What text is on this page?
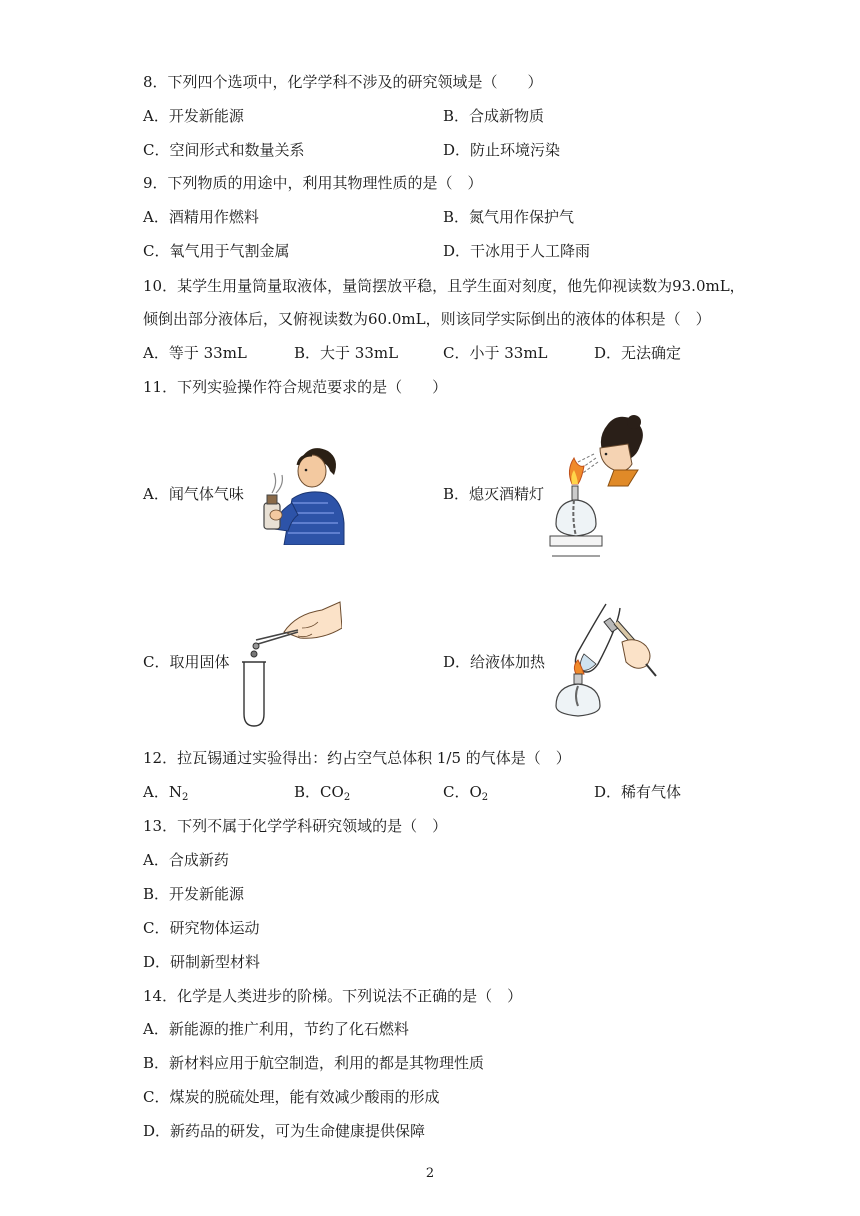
8．下列四个选项中，化学学科不涉及的研究领域是（　　）
A．开发新能源	B．合成新物质
C．空间形式和数量关系	D．防止环境污染
9．下列物质的用途中，利用其物理性质的是（　）
A．酒精用作燃料	B．氮气用作保护气
C．氧气用于气割金属	D．干冰用于人工降雨
10．某学生用量筒量取液体，量筒摆放平稳，且学生面对刻度，他先仰视读数为93.0mL，
倾倒出部分液体后，又俯视读数为60.0mL，则该同学实际倒出的液体的体积是（　）
A．等于 33mL	B．大于 33mL	C．小于 33mL	D．无法确定
11．下列实验操作符合规范要求的是（　　）
A．闻气体气味	B．熄灭酒精灯
C．取用固体	D．给液体加热
12．拉瓦锡通过实验得出：约占空气总体积 1/5 的气体是（　）
A．$N_2$	B．$CO_2$	C．$O_2$	D．稀有气体
13．下列不属于化学学科研究领域的是（　）
A．合成新药
B．开发新能源
C．研究物体运动
D．研制新型材料
14．化学是人类进步的阶梯。下列说法不正确的是（　）
A．新能源的推广利用，节约了化石燃料
B．新材料应用于航空制造，利用的都是其物理性质
C．煤炭的脱硫处理，能有效减少酸雨的形成
D．新药品的研发，可为生命健康提供保障
2
